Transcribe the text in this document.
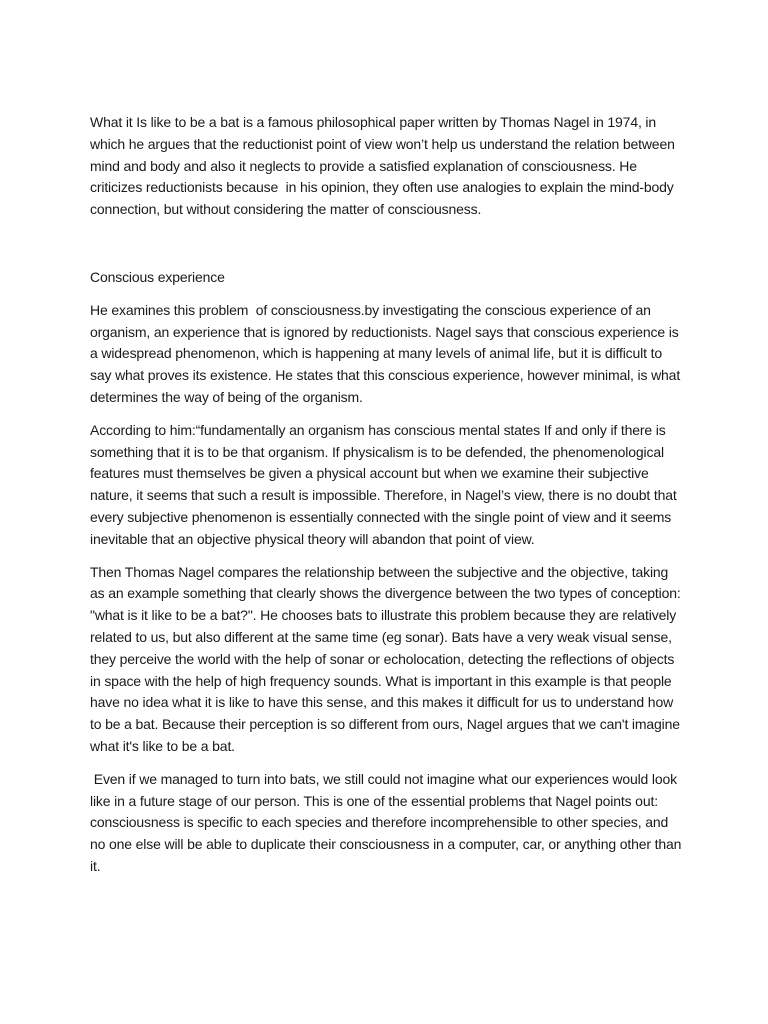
What it Is like to be a bat is a famous philosophical paper written by Thomas Nagel in 1974, in which he argues that the reductionist point of view won’t help us understand the relation between mind and body and also it neglects to provide a satisfied explanation of consciousness. He criticizes reductionists because  in his opinion, they often use analogies to explain the mind-body connection, but without considering the matter of consciousness.

Conscious experience

He examines this problem  of consciousness.by investigating the conscious experience of an organism, an experience that is ignored by reductionists. Nagel says that conscious experience is a widespread phenomenon, which is happening at many levels of animal life, but it is difficult to say what proves its existence. He states that this conscious experience, however minimal, is what determines the way of being of the organism.

According to him:“fundamentally an organism has conscious mental states If and only if there is something that it is to be that organism. If physicalism is to be defended, the phenomenological features must themselves be given a physical account but when we examine their subjective nature, it seems that such a result is impossible. Therefore, in Nagel’s view, there is no doubt that every subjective phenomenon is essentially connected with the single point of view and it seems inevitable that an objective physical theory will abandon that point of view.

Then Thomas Nagel compares the relationship between the subjective and the objective, taking as an example something that clearly shows the divergence between the two types of conception: "what is it like to be a bat?". He chooses bats to illustrate this problem because they are relatively related to us, but also different at the same time (eg sonar). Bats have a very weak visual sense, they perceive the world with the help of sonar or echolocation, detecting the reflections of objects in space with the help of high frequency sounds. What is important in this example is that people have no idea what it is like to have this sense, and this makes it difficult for us to understand how to be a bat. Because their perception is so different from ours, Nagel argues that we can't imagine what it's like to be a bat.

Even if we managed to turn into bats, we still could not imagine what our experiences would look like in a future stage of our person. This is one of the essential problems that Nagel points out: consciousness is specific to each species and therefore incomprehensible to other species, and no one else will be able to duplicate their consciousness in a computer, car, or anything other than it.
